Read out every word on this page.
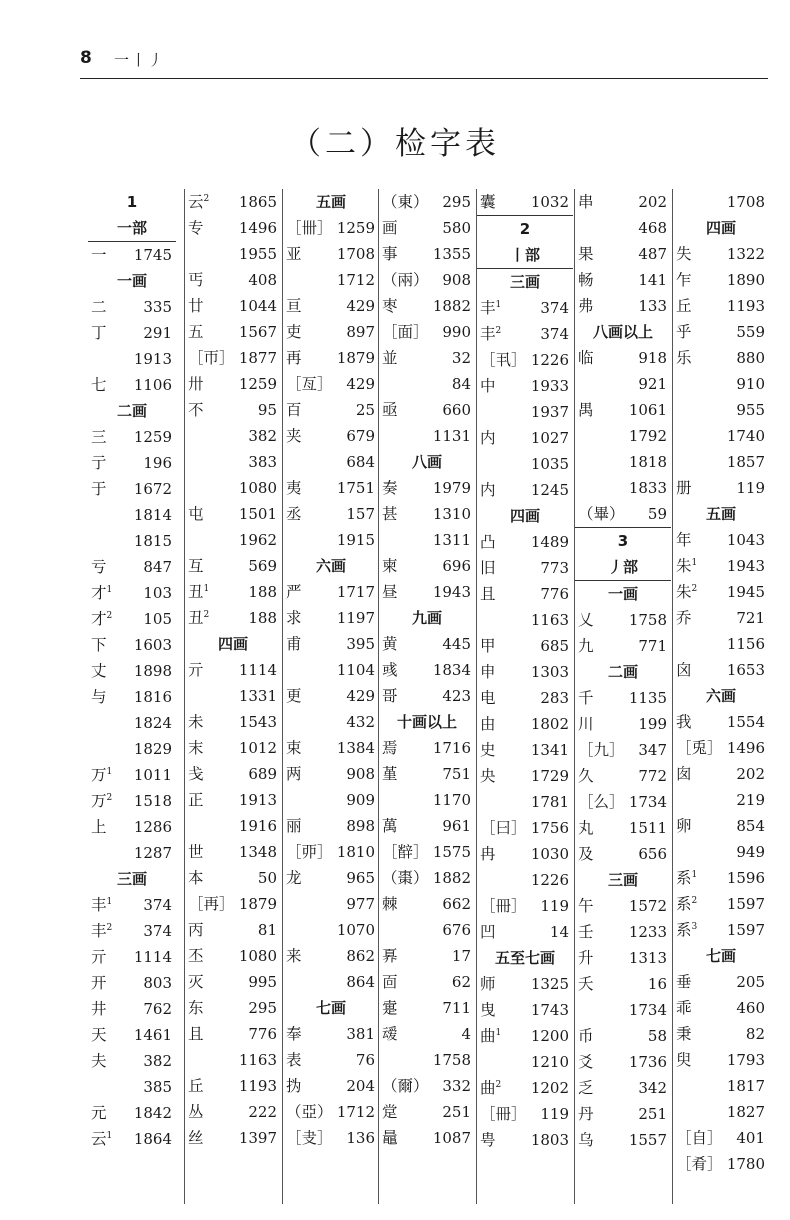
8 一丨丿
（二）检字表
1
一部
一 1745
一画
二 335
丁 291
1913
七 1106
二画
三 1259
亍 196
于 1672
1814
1815
亏 847
才$^1$ 103
才$^2$ 105
下 1603
丈 1898
与 1816
1824
1829
万$^1$ 1011
万$^2$ 1518
上 1286
1287
三画
丰$^1$ 374
丰$^2$ 374
亓 1114
开 803
井 762
天 1461
夫 382
385
元 1842
云$^1$ 1864
云$^2$ 1865
专 1496
1955
丐	408
廿 1044
五 1567
［帀］ 1877
卅 1259
不	95
382
383
1080
屯 1501
1962
互	569
丑$^1$	188
丑$^2$	188
四画
亓 1114
1331
未 1543
末 1012
戋	689
正 1913
1916
世 1348
本	50
［再］ 1879
丙	81
丕 1080
灭	995
东	295
且	776
1163
丘 1193
丛	222
丝 1397
五画
［卌］ 1259
亚 1708
1712
亘	429
吏	897
再 1879
［亙］ 429
百	25
夹	679
684
夷 1751
丞	157
1915
六画
严 1717
求 1197
甫	395
1104
更	429
432
束 1384
两	908
909
丽	898
［丣］ 1810
龙	965
977
1070
来	862
864
七画
奉	381
表	76
㧑	204
（亞） 1712
［叏］ 136
（東） 295
画	580
事 1355
（兩） 908
枣 1882
［面］ 990
並	32
84
亟	660
1131
八画
奏 1979
甚 1310
1311
柬	696
昼 1943
九画
黄	445
彧 1834
哥	423
十画以上
焉 1716
堇	751
1170
萬	961
［辥］ 1575
（棗） 1882
棘	662
676
奡	17
靣	62
疐	711
叆	4
1758
（爾） 332
䟫	251
鼂 1087
囊 1032
2
丨部
三画
丰$^1$	374
丰$^2$	374
［丮］ 1226
中 1933
1937
内 1027
1035
内 1245
四画
凸 1489
旧	773
且	776
1163
甲	685
申 1303
电	283
由 1802
史 1341
央 1729
1781
［曰］ 1756
冉 1030
1226
［冊］ 119
凹	14
五至七画
师 1325
曳 1743
曲$^1$ 1200
1210
曲$^2$ 1202
［冊］ 119
甹 1803
串	202
468
果	487
畅	141
弗	133
八画以上
临	918
921
禺 1061
1792
1818
1833
（畢） 59
3
丿部
一画
乂 1758
九	771
二画
千 1135
川	199
［九］ 347
久	772
［么］ 1734
丸 1511
及	656
三画
午 1572
壬 1233
升 1313
夭	16
1734
币	58
爻 1736
乏	342
丹	251
乌 1557
1708
四画
失 1322
乍 1890
丘 1193
乎	559
乐	880
910
955
1740
1857
册	119
五画
年 1043
朱$^1$ 1943
朱$^2$ 1945
乔	721
1156
囟 1653
六画
我 1554
［兎］ 1496
囱	202
219
卵	854
949
系$^1$ 1596
系$^2$ 1597
系$^3$ 1597
七画
垂	205
乖	460
秉	82
臾 1793
1817
1827
［自］ 401
［肴］ 1780
